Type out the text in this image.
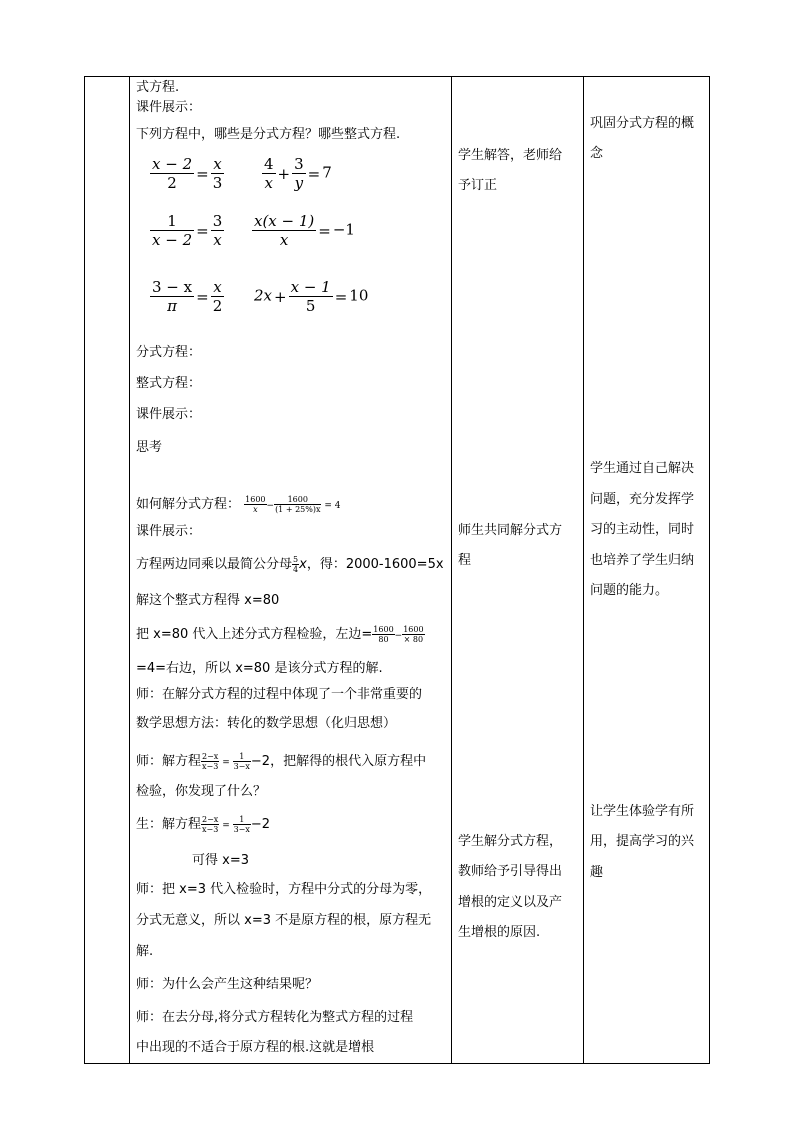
式方程.
课件展示：
下列方程中，哪些是分式方程？哪些整式方程.
$\frac{x - 2}{2} = \frac{x}{3}$	$\frac{4}{x} + \frac{3}{y} = 7$
$\frac{1}{x - 2} = \frac{3}{x} \frac{x(x - 1)}{x} = -1$
$\frac{3 - x}{\pi} = \frac{x}{2} 2x + \frac{x - 1}{5} = 10$
分式方程：
整式方程：
课件展示：
思考
如何解分式方程： $\frac{1600}{x} - \frac{1600}{(1 + 25\%)x} = 4$
课件展示：
方程两边同乘以最简公分母 $\frac{5}{4}$ x，得：2000-1600=5x
解这个整式方程得 x=80
把 x=80 代入上述分式方程检验，左边= $\frac{1600}{80} - \frac{1600}{\times 80}$
=4=右边，所以 x=80 是该分式方程的解.
师：在解分式方程的过程中体现了一个非常重要的
数学思想方法：转化的数学思想（化归思想）
师：解方程 $\frac{2-x}{x-3} = \frac{1}{3-x} -2$，把解得的根代入原方程中
检验，你发现了什么？
生：解方程 $\frac{2-x}{x-3} = \frac{1}{3-x} -2$
可得 x=3
师：把 x=3 代入检验时，方程中分式的分母为零，
分式无意义，所以 x=3 不是原方程的根，原方程无
解.
师：为什么会产生这种结果呢？
师：在去分母,将分式方程转化为整式方程的过程
中出现的不适合于原方程的根.这就是增根
学生解答，老师给
予订正
师生共同解分式方
程
学生解分式方程，
教师给予引导得出
增根的定义以及产
生增根的原因.
巩固分式方程的概
念
学生通过自己解决
问题，充分发挥学
习的主动性，同时
也培养了学生归纳
问题的能力。
让学生体验学有所
用，提高学习的兴
趣
